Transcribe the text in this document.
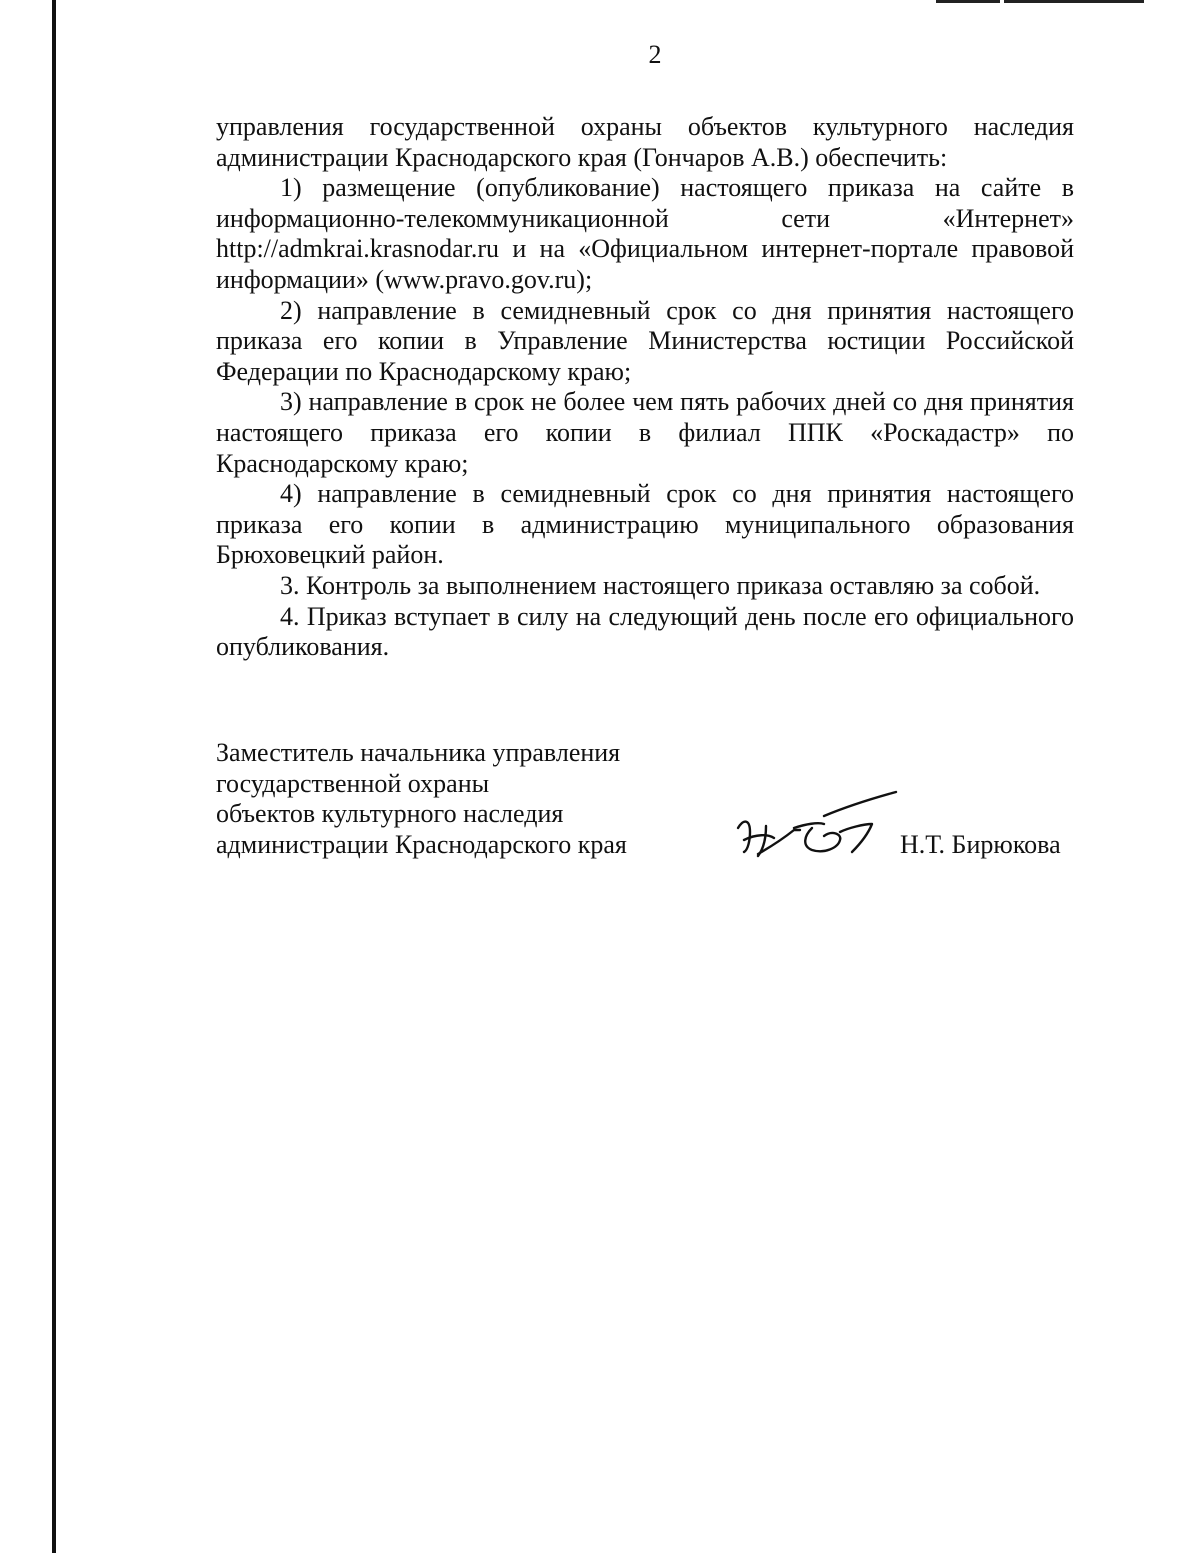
2

управления государственной охраны объектов культурного наследия администрации Краснодарского края (Гончаров А.В.) обеспечить:

1) размещение (опубликование) настоящего приказа на сайте в информационно-телекоммуникационной сети «Интернет» http://admkrai.krasnodar.ru и на «Официальном интернет-портале правовой информации» (www.pravo.gov.ru);

2) направление в семидневный срок со дня принятия настоящего приказа его копии в Управление Министерства юстиции Российской Федерации по Краснодарскому краю;

3) направление в срок не более чем пять рабочих дней со дня принятия настоящего приказа его копии в филиал ППК «Роскадастр» по Краснодарскому краю;

4) направление в семидневный срок со дня принятия настоящего приказа его копии в администрацию муниципального образования Брюховецкий район.

3. Контроль за выполнением настоящего приказа оставляю за собой.

4. Приказ вступает в силу на следующий день после его официального опубликования.

Заместитель начальника управления
государственной охраны
объектов культурного наследия
администрации Краснодарского края	Н.Т. Бирюкова
